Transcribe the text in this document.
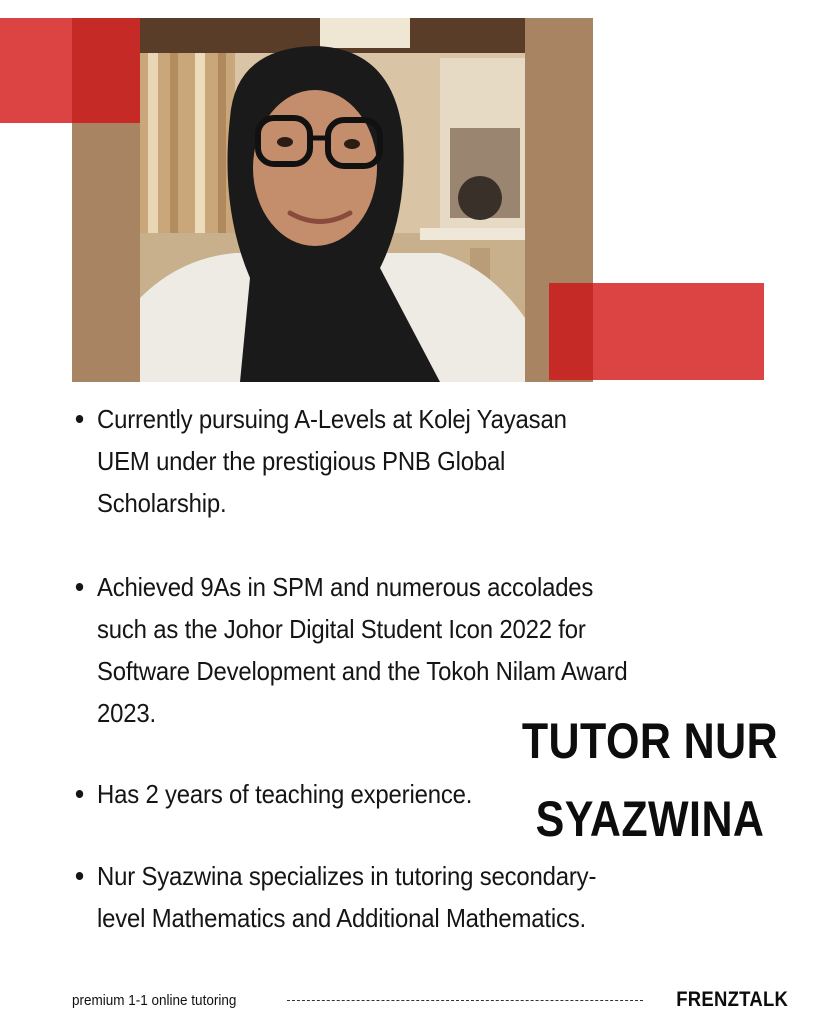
Currently pursuing A-Levels at Kolej Yayasan
UEM under the prestigious PNB Global
Scholarship.
Achieved 9As in SPM and numerous accolades
such as the Johor Digital Student Icon 2022 for
Software Development and the Tokoh Nilam Award
2023.
Has 2 years of teaching experience.
Nur Syazwina specializes in tutoring secondary-
level Mathematics and Additional Mathematics.
TUTOR NUR
SYAZWINA
premium 1-1 online tutoring	FRENZTALK
